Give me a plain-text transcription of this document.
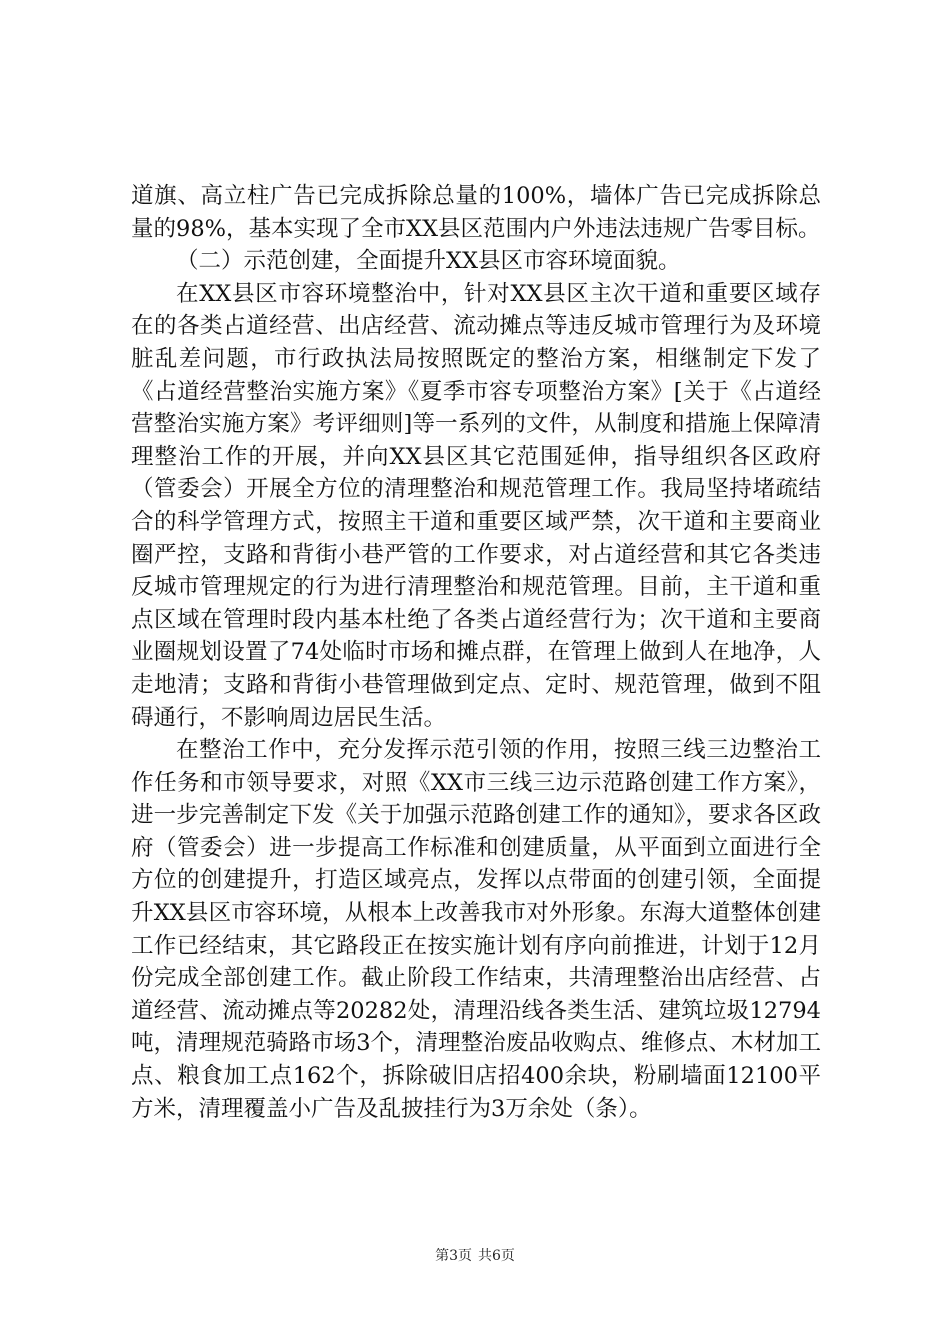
道旗、高立柱广告已完成拆除总量的100%，墙体广告已完成拆除总量的98%，基本实现了全市XX县区范围内户外违法违规广告零目标。

（二）示范创建，全面提升XX县区市容环境面貌。

在XX县区市容环境整治中，针对XX县区主次干道和重要区域存在的各类占道经营、出店经营、流动摊点等违反城市管理行为及环境脏乱差问题，市行政执法局按照既定的整治方案，相继制定下发了《占道经营整治实施方案》《夏季市容专项整治方案》[关于《占道经营整治实施方案》考评细则]等一系列的文件，从制度和措施上保障清理整治工作的开展，并向XX县区其它范围延伸，指导组织各区政府（管委会）开展全方位的清理整治和规范管理工作。我局坚持堵疏结合的科学管理方式，按照主干道和重要区域严禁，次干道和主要商业圈严控，支路和背街小巷严管的工作要求，对占道经营和其它各类违反城市管理规定的行为进行清理整治和规范管理。目前，主干道和重点区域在管理时段内基本杜绝了各类占道经营行为；次干道和主要商业圈规划设置了74处临时市场和摊点群，在管理上做到人在地净，人走地清；支路和背街小巷管理做到定点、定时、规范管理，做到不阻碍通行，不影响周边居民生活。

在整治工作中，充分发挥示范引领的作用，按照三线三边整治工作任务和市领导要求，对照《XX市三线三边示范路创建工作方案》，进一步完善制定下发《关于加强示范路创建工作的通知》，要求各区政府（管委会）进一步提高工作标准和创建质量，从平面到立面进行全方位的创建提升，打造区域亮点，发挥以点带面的创建引领，全面提升XX县区市容环境，从根本上改善我市对外形象。东海大道整体创建工作已经结束，其它路段正在按实施计划有序向前推进，计划于12月份完成全部创建工作。截止阶段工作结束，共清理整治出店经营、占道经营、流动摊点等20282处，清理沿线各类生活、建筑垃圾12794吨，清理规范骑路市场3个，清理整治废品收购点、维修点、木材加工点、粮食加工点162个，拆除破旧店招400余块，粉刷墙面12100平方米，清理覆盖小广告及乱披挂行为3万余处（条）。

第3页 共6页
